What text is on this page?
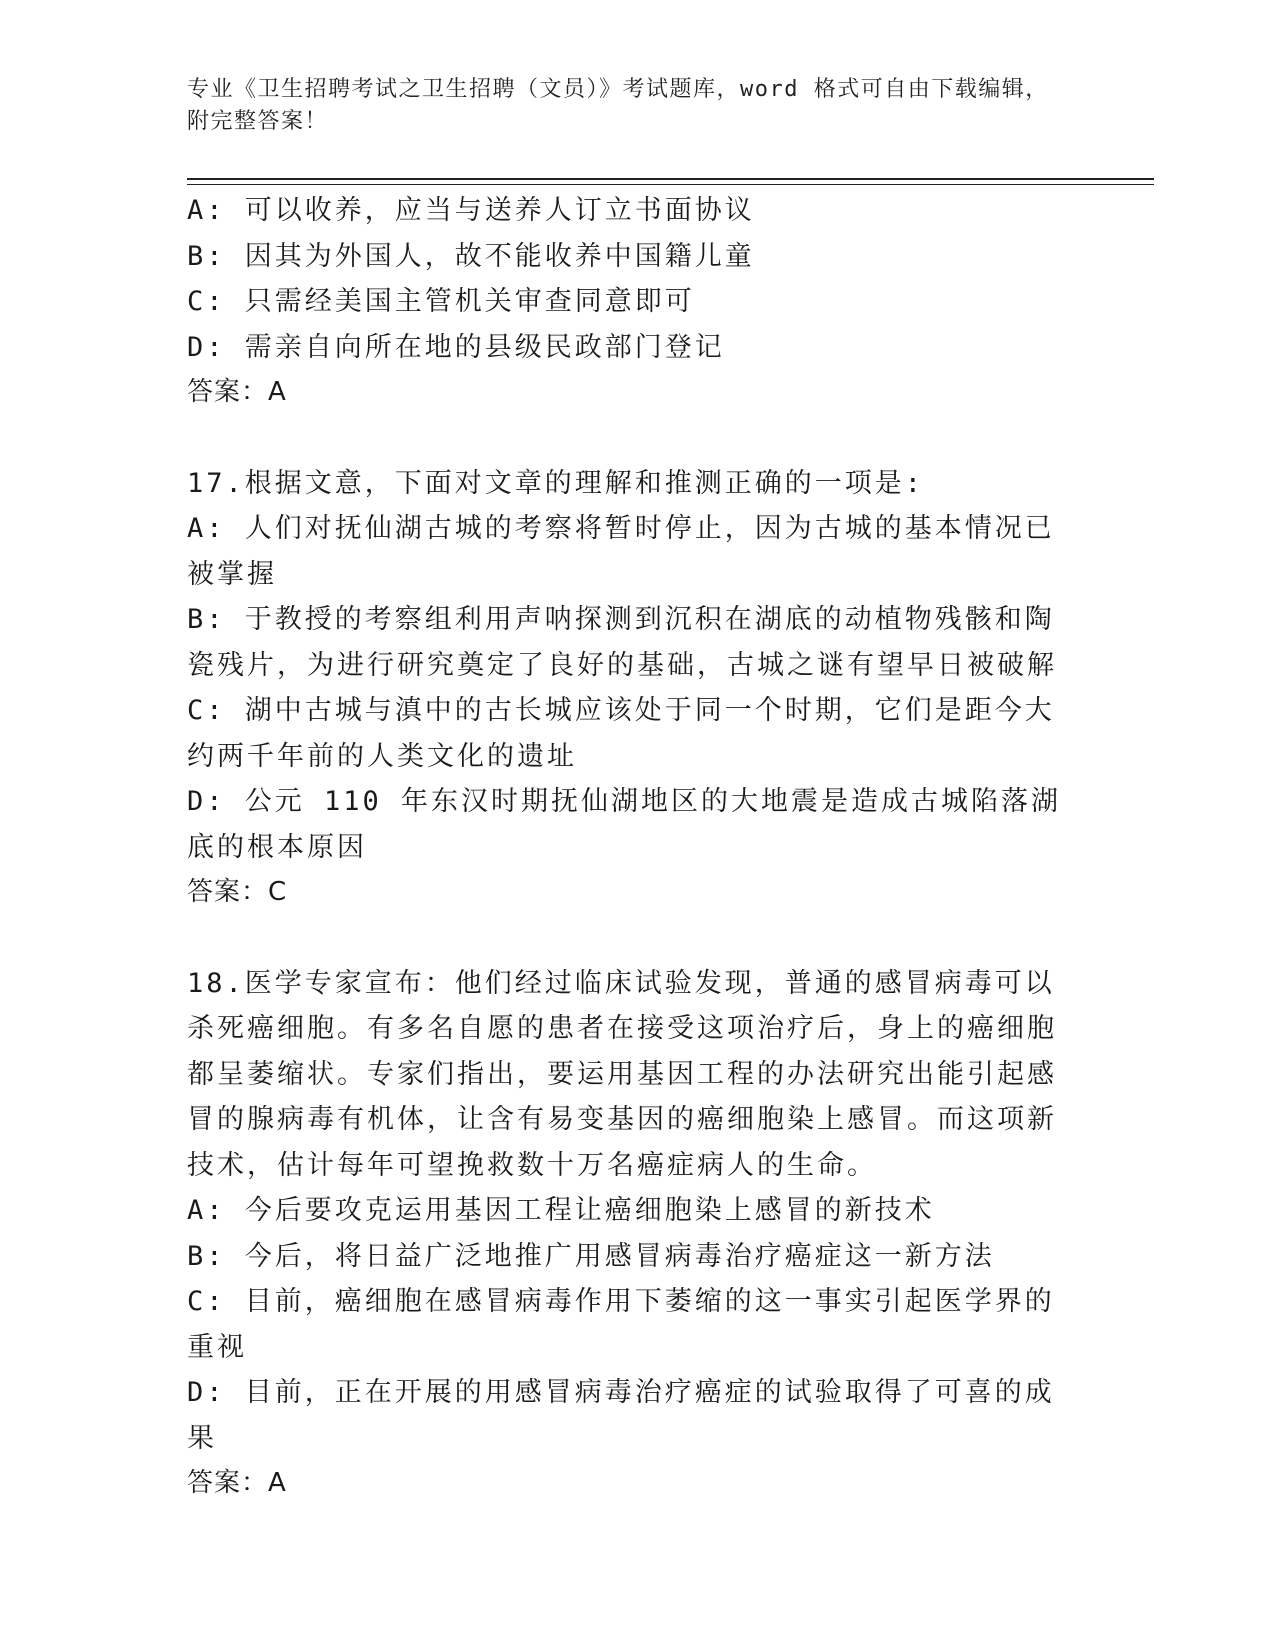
专业《卫生招聘考试之卫生招聘（文员）》考试题库，word 格式可自由下载编辑，附完整答案！

A: 可以收养，应当与送养人订立书面协议

B: 因其为外国人，故不能收养中国籍儿童

C: 只需经美国主管机关审查同意即可

D: 需亲自向所在地的县级民政部门登记

答案：A

17.根据文意，下面对文章的理解和推测正确的一项是:

A: 人们对抚仙湖古城的考察将暂时停止，因为古城的基本情况已被掌握

B: 于教授的考察组利用声呐探测到沉积在湖底的动植物残骸和陶瓷残片，为进行研究奠定了良好的基础，古城之谜有望早日被破解

C: 湖中古城与滇中的古长城应该处于同一个时期，它们是距今大约两千年前的人类文化的遗址

D: 公元 110 年东汉时期抚仙湖地区的大地震是造成古城陷落湖底的根本原因

答案：C

18.医学专家宣布：他们经过临床试验发现，普通的感冒病毒可以杀死癌细胞。有多名自愿的患者在接受这项治疗后，身上的癌细胞都呈萎缩状。专家们指出，要运用基因工程的办法研究出能引起感冒的腺病毒有机体，让含有易变基因的癌细胞染上感冒。而这项新技术，估计每年可望挽救数十万名癌症病人的生命。

A: 今后要攻克运用基因工程让癌细胞染上感冒的新技术

B: 今后，将日益广泛地推广用感冒病毒治疗癌症这一新方法

C: 目前，癌细胞在感冒病毒作用下萎缩的这一事实引起医学界的重视

D: 目前，正在开展的用感冒病毒治疗癌症的试验取得了可喜的成果

答案：A
